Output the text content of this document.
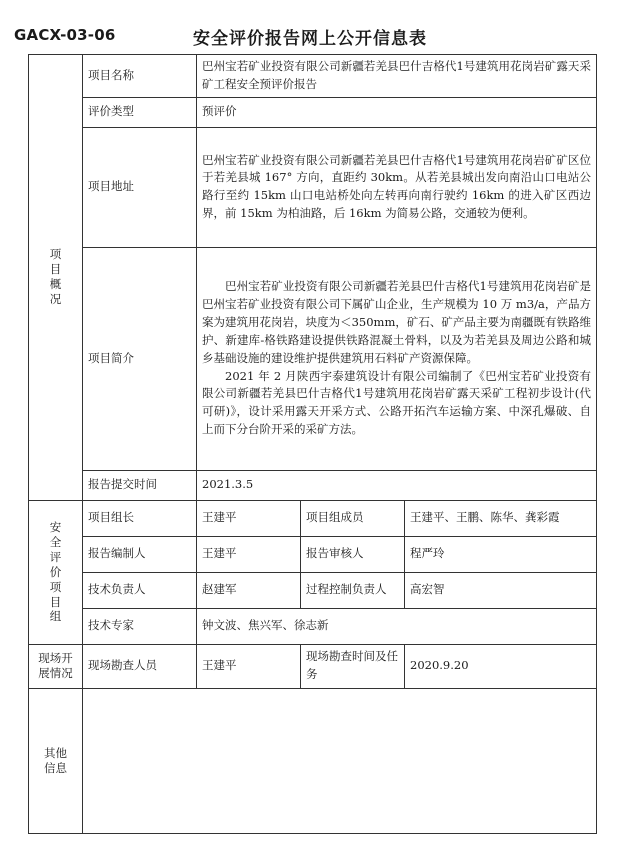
GACX-03-06	安全评价报告网上公开信息表
项目概况	项目名称	巴州宝若矿业投资有限公司新疆若羌县巴什吉格代1号建筑用花岗岩矿露天采矿工程安全预评价报告		
	评价类型	预评价		
	项目地址	巴州宝若矿业投资有限公司新疆若羌县巴什吉格代1号建筑用花岗岩矿矿区位于若羌县城 167° 方向，直距约 30km。从若羌县城出发向南沿山口电站公路行至约 15km 山口电站桥处向左转再向南行驶约 16km 的进入矿区西边界，前 15km 为柏油路，后 16km 为简易公路，交通较为便利。		
	项目简介	巴州宝若矿业投资有限公司新疆若羌县巴什吉格代1号建筑用花岗岩矿是巴州宝若矿业投资有限公司下属矿山企业，生产规模为 10 万 m3/a，产品方案为建筑用花岗岩，块度为＜350mm，矿石、矿产品主要为南疆既有铁路维护、新建库-格铁路建设提供铁路混凝土骨料，以及为若羌县及周边公路和城乡基础设施的建设维护提供建筑用石料矿产资源保障。

2021 年 2 月陕西宇泰建筑设计有限公司编制了《巴州宝若矿业投资有限公司新疆若羌县巴什吉格代1号建筑用花岗岩矿露天采矿工程初步设计(代可研)》，设计采用露天开采方式、公路开拓汽车运输方案、中深孔爆破、自上而下分台阶开采的采矿方法。		

	报告提交时间	2021.3.5		
安全评价项目组	项目组长	王建平	项目组成员	王建平、王鹏、陈华、龚彩霞
	报告编制人	王建平	报告审核人	程严玲
	技术负责人	赵建军	过程控制负责人	高宏智
	技术专家	钟文波、焦兴军、徐志新		
现场开展情况	现场勘查人员	王建平	现场勘查时间及任务	2020.9.20
其他信息				
